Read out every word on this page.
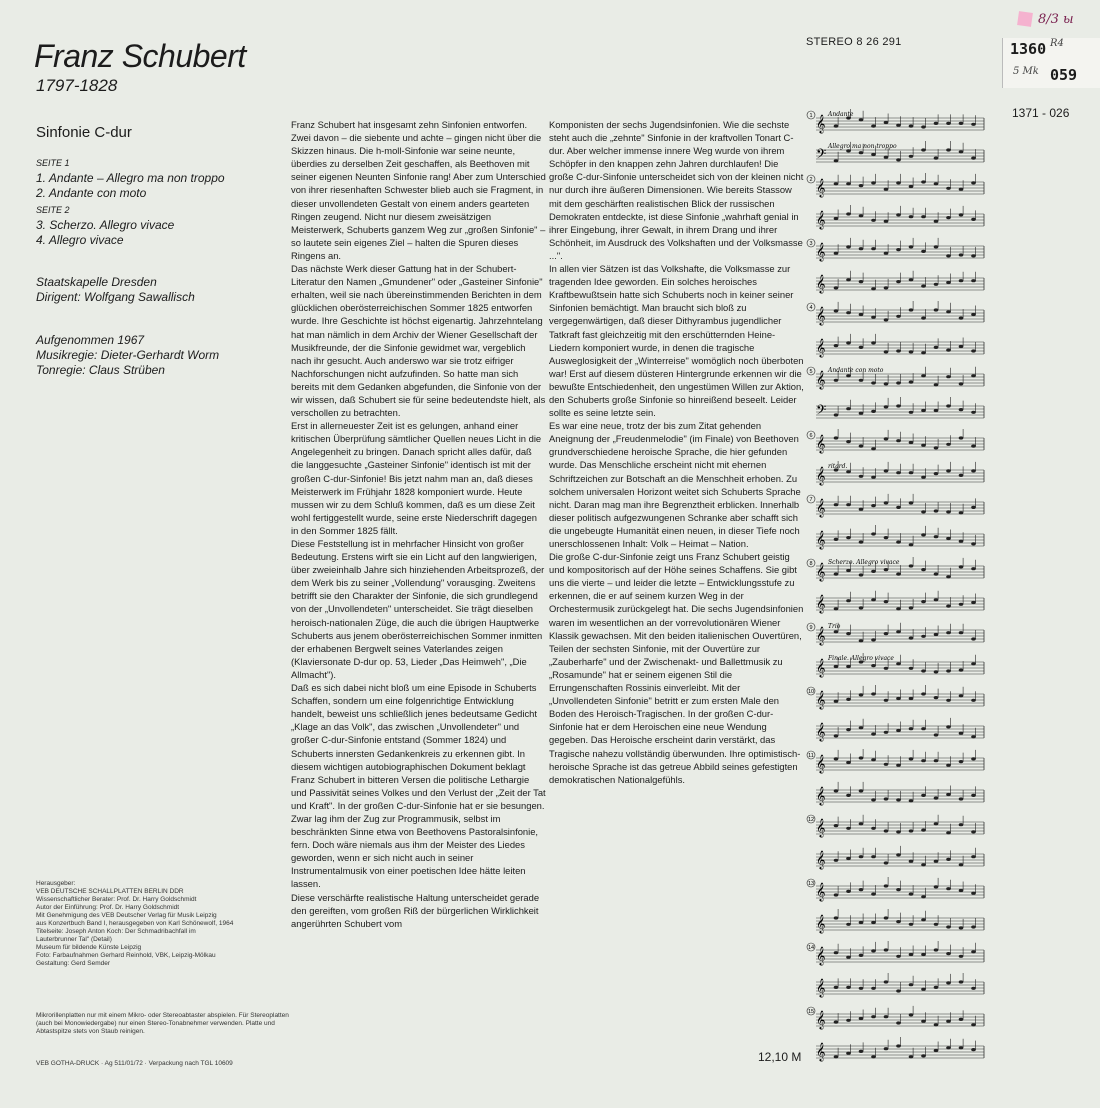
Franz Schubert
1797-1828
Sinfonie C-dur
SEITE 1
1. Andante – Allegro ma non troppo
2. Andante con moto
SEITE 2
3. Scherzo. Allegro vivace
4. Allegro vivace
Staatskapelle Dresden
Dirigent: Wolfgang Sawallisch
Aufgenommen 1967
Musikregie: Dieter-Gerhardt Worm
Tonregie: Claus Strüben
Herausgeber:
VEB DEUTSCHE SCHALLPLATTEN BERLIN DDR
Wissenschaftlicher Berater: Prof. Dr. Harry Goldschmidt
Autor der Einführung: Prof. Dr. Harry Goldschmidt
Mit Genehmigung des VEB Deutscher Verlag für Musik Leipzig
aus Konzertbuch Band I, herausgegeben von Karl Schönewolf, 1964
Titelseite: Joseph Anton Koch: Der Schmadribachfall im
Lauterbrunner Tal" (Detail)
Museum für bildende Künste Leipzig
Foto: Farbaufnahmen Gerhard Reinhold, VBK, Leipzig-Mölkau
Gestaltung: Gerd Semder
Mikrorillenplatten nur mit einem Mikro- oder Stereoabtaster abspielen. Für Stereoplatten (auch bei Monowiedergabe) nur einen Stereo-Tonabnehmer verwenden. Platte und Abtastspitze stets von Staub reinigen.
VEB GOTHA-DRUCK · Ag 511/01/72 · Verpackung nach TGL 10609

Franz Schubert hat insgesamt zehn Sinfonien entworfen. Zwei davon – die siebente und achte – gingen nicht über die Skizzen hinaus. Die h-moll-Sinfonie war seine neunte, überdies zu derselben Zeit geschaffen, als Beethoven mit seiner eigenen Neunten Sinfonie rang! Aber zum Unterschied von ihrer riesenhaften Schwester blieb auch sie Fragment, in dieser unvollendeten Gestalt von einem anders gearteten Ringen zeugend. Nicht nur diesem zweisätzigen Meisterwerk, Schuberts ganzem Weg zur „großen Sinfonie" – so lautete sein eigenes Ziel – halten die Spuren dieses Ringens an.

Das nächste Werk dieser Gattung hat in der Schubert-Literatur den Namen „Gmundener" oder „Gasteiner Sinfonie" erhalten, weil sie nach übereinstimmenden Berichten in dem glücklichen oberösterreichischen Sommer 1825 entworfen wurde. Ihre Geschichte ist höchst eigenartig. Jahrzehntelang hat man nämlich in dem Archiv der Wiener Gesellschaft der Musikfreunde, der die Sinfonie gewidmet war, vergeblich nach ihr gesucht. Auch anderswo war sie trotz eifriger Nachforschungen nicht aufzufinden. So hatte man sich bereits mit dem Gedanken abgefunden, die Sinfonie von der wir wissen, daß Schubert sie für seine bedeutendste hielt, als verschollen zu betrachten.

Erst in allerneuester Zeit ist es gelungen, anhand einer kritischen Überprüfung sämtlicher Quellen neues Licht in die Angelegenheit zu bringen. Danach spricht alles dafür, daß die langgesuchte „Gasteiner Sinfonie" identisch ist mit der großen C-dur-Sinfonie! Bis jetzt nahm man an, daß dieses Meisterwerk im Frühjahr 1828 komponiert wurde. Heute mussen wir zu dem Schluß kommen, daß es um diese Zeit wohl fertiggestellt wurde, seine erste Niederschrift dagegen in den Sommer 1825 fällt.

Diese Feststellung ist in mehrfacher Hinsicht von großer Bedeutung. Erstens wirft sie ein Licht auf den langwierigen, über zweieinhalb Jahre sich hinziehenden Arbeitsprozeß, der dem Werk bis zu seiner „Vollendung" vorausging. Zweitens betrifft sie den Charakter der Sinfonie, die sich grundlegend von der „Unvollendeten" unterscheidet. Sie trägt dieselben heroisch-nationalen Züge, die auch die übrigen Hauptwerke Schuberts aus jenem oberösterreichischen Sommer inmitten der erhabenen Bergwelt seines Vaterlandes zeigen (Klaviersonate D-dur op. 53, Lieder „Das Heimweh", „Die Allmacht").

Daß es sich dabei nicht bloß um eine Episode in Schuberts Schaffen, sondern um eine folgenrichtige Entwicklung handelt, beweist uns schließlich jenes bedeutsame Gedicht „Klage an das Volk", das zwischen „Unvollendeter" und großer C-dur-Sinfonie entstand (Sommer 1824) und Schuberts innersten Gedankenkreis zu erkennen gibt. In diesem wichtigen autobiographischen Dokument beklagt Franz Schubert in bitteren Versen die politische Lethargie und Passivität seines Volkes und den Verlust der „Zeit der Tat und Kraft". In der großen C-dur-Sinfonie hat er sie besungen. Zwar lag ihm der Zug zur Programmusik, selbst im beschränkten Sinne etwa von Beethovens Pastoralsinfonie, fern. Doch wäre niemals aus ihm der Meister des Liedes geworden, wenn er sich nicht auch in seiner Instrumentalmusik von einer poetischen Idee hätte leiten lassen.

Diese verschärfte realistische Haltung unterscheidet gerade den gereiften, vom großen Riß der bürgerlichen Wirklichkeit angerührten Schubert vom

Komponisten der sechs Jugendsinfonien. Wie die sechste steht auch die „zehnte" Sinfonie in der kraftvollen Tonart C-dur. Aber welcher immense innere Weg wurde von ihrem Schöpfer in den knappen zehn Jahren durchlaufen! Die große C-dur-Sinfonie unterscheidet sich von der kleinen nicht nur durch ihre äußeren Dimensionen. Wie bereits Stassow mit dem geschärften realistischen Blick der russischen Demokraten entdeckte, ist diese Sinfonie „wahrhaft genial in ihrer Eingebung, ihrer Gewalt, in ihrem Drang und ihrer Schönheit, im Ausdruck des Volkshaften und der Volksmasse ...".

In allen vier Sätzen ist das Volkshafte, die Volksmasse zur tragenden Idee geworden. Ein solches heroisches Kraftbewußtsein hatte sich Schuberts noch in keiner seiner Sinfonien bemächtigt. Man braucht sich bloß zu vergegenwärtigen, daß dieser Dithyrambus jugendlicher Tatkraft fast gleichzeitig mit den erschütternden Heine-Liedern komponiert wurde, in denen die tragische Ausweglosigkeit der „Winterreise" womöglich noch überboten war! Erst auf diesem düsteren Hintergrunde erkennen wir die bewußte Entschiedenheit, den ungestümen Willen zur Aktion, den Schuberts große Sinfonie so hinreißend beseelt. Leider sollte es seine letzte sein.

Es war eine neue, trotz der bis zum Zitat gehenden Aneignung der „Freudenmelodie" (im Finale) von Beethoven grundverschiedene heroische Sprache, die hier gefunden wurde. Das Menschliche erscheint nicht mit ehernen Schriftzeichen zur Botschaft an die Menschheit erhoben. Zu solchem universalen Horizont weitet sich Schuberts Sprache nicht. Daran mag man ihre Begrenztheit erblicken. Innerhalb dieser politisch aufgezwungenen Schranke aber schafft sich die ungebeugte Humanität einen neuen, in dieser Tiefe noch unerschlossenen Inhalt: Volk – Heimat – Nation.

Die große C-dur-Sinfonie zeigt uns Franz Schubert geistig und kompositorisch auf der Höhe seines Schaffens. Sie gibt uns die vierte – und leider die letzte – Entwicklungsstufe zu erkennen, die er auf seinem kurzen Weg in der Orchestermusik zurückgelegt hat. Die sechs Jugendsinfonien waren im wesentlichen an der vorrevolutionären Wiener Klassik gewachsen. Mit den beiden italienischen Ouvertüren, Teilen der sechsten Sinfonie, mit der Ouvertüre zur „Zauberharfe" und der Zwischenakt- und Ballettmusik zu „Rosamunde" hat er seinem eigenen Stil die Errungenschaften Rossinis einverleibt. Mit der „Unvollendeten Sinfonie" betritt er zum ersten Male den Boden des Heroisch-Tragischen. In der großen C-dur-Sinfonie hat er dem Heroischen eine neue Wendung gegeben. Das Heroische erscheint darin verstärkt, das Tragische nahezu vollständig überwunden. Ihre optimistisch-heroische Sprache ist das getreue Abbild seines gefestigten demokratischen Nationalgefühls.

STEREO 8 26 291
8/3 ы
1360 R4
5 Mk 059
1371 - 026
𝄞
1	Andante
𝄢 Allegro ma non troppo
𝄞
2
𝄞
𝄞
3
𝄞
𝄞
4
𝄞
𝄞
5	Andante con moto
𝄢
𝄞
6
𝄞 ritard.
𝄞
7
𝄞
𝄞
8	Scherzo. Allegro vivace
𝄞
𝄞
9	Trio
𝄞 Finale. Allegro vivace
𝄞
10
𝄞
𝄞
11
𝄞
𝄞
12
𝄞
𝄞
13
𝄞
𝄞
14
𝄞
𝄞
15
𝄞
12,10 M
